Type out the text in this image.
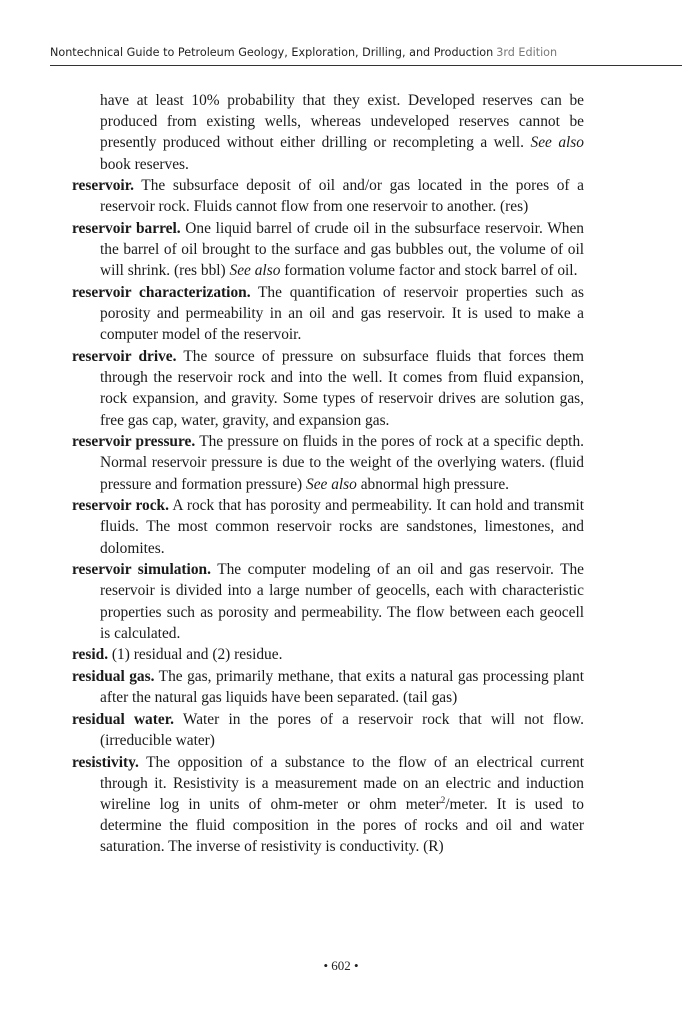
Nontechnical Guide to Petroleum Geology, Exploration, Drilling, and Production 3rd Edition

have at least 10% probability that they exist. Developed reserves can be produced from existing wells, whereas undeveloped reserves cannot be presently produced without either drilling or recompleting a well. See also book reserves.

reservoir. The subsurface deposit of oil and/or gas located in the pores of a reservoir rock. Fluids cannot flow from one reservoir to another. (res)

reservoir barrel. One liquid barrel of crude oil in the subsurface reservoir. When the barrel of oil brought to the surface and gas bubbles out, the volume of oil will shrink. (res bbl) See also formation volume factor and stock barrel of oil.

reservoir characterization. The quantification of reservoir properties such as porosity and permeability in an oil and gas reservoir. It is used to make a computer model of the reservoir.

reservoir drive. The source of pressure on subsurface fluids that forces them through the reservoir rock and into the well. It comes from fluid expansion, rock expansion, and gravity. Some types of reservoir drives are solution gas, free gas cap, water, gravity, and expansion gas.

reservoir pressure. The pressure on fluids in the pores of rock at a specific depth. Normal reservoir pressure is due to the weight of the overlying waters. (fluid pressure and formation pressure) See also abnormal high pressure.

reservoir rock. A rock that has porosity and permeability. It can hold and transmit fluids. The most common reservoir rocks are sandstones, limestones, and dolomites.

reservoir simulation. The computer modeling of an oil and gas reservoir. The reservoir is divided into a large number of geocells, each with characteristic properties such as porosity and permeability. The flow between each geocell is calculated.

resid. (1) residual and (2) residue.

residual gas. The gas, primarily methane, that exits a natural gas processing plant after the natural gas liquids have been separated. (tail gas)

residual water. Water in the pores of a reservoir rock that will not flow. (irreducible water)

resistivity. The opposition of a substance to the flow of an electrical current through it. Resistivity is a measurement made on an electric and induction wireline log in units of ohm-meter or ohm meter$^2$/meter. It is used to determine the fluid composition in the pores of rocks and oil and water saturation. The inverse of resistivity is conductivity. (R)

• 602 •
